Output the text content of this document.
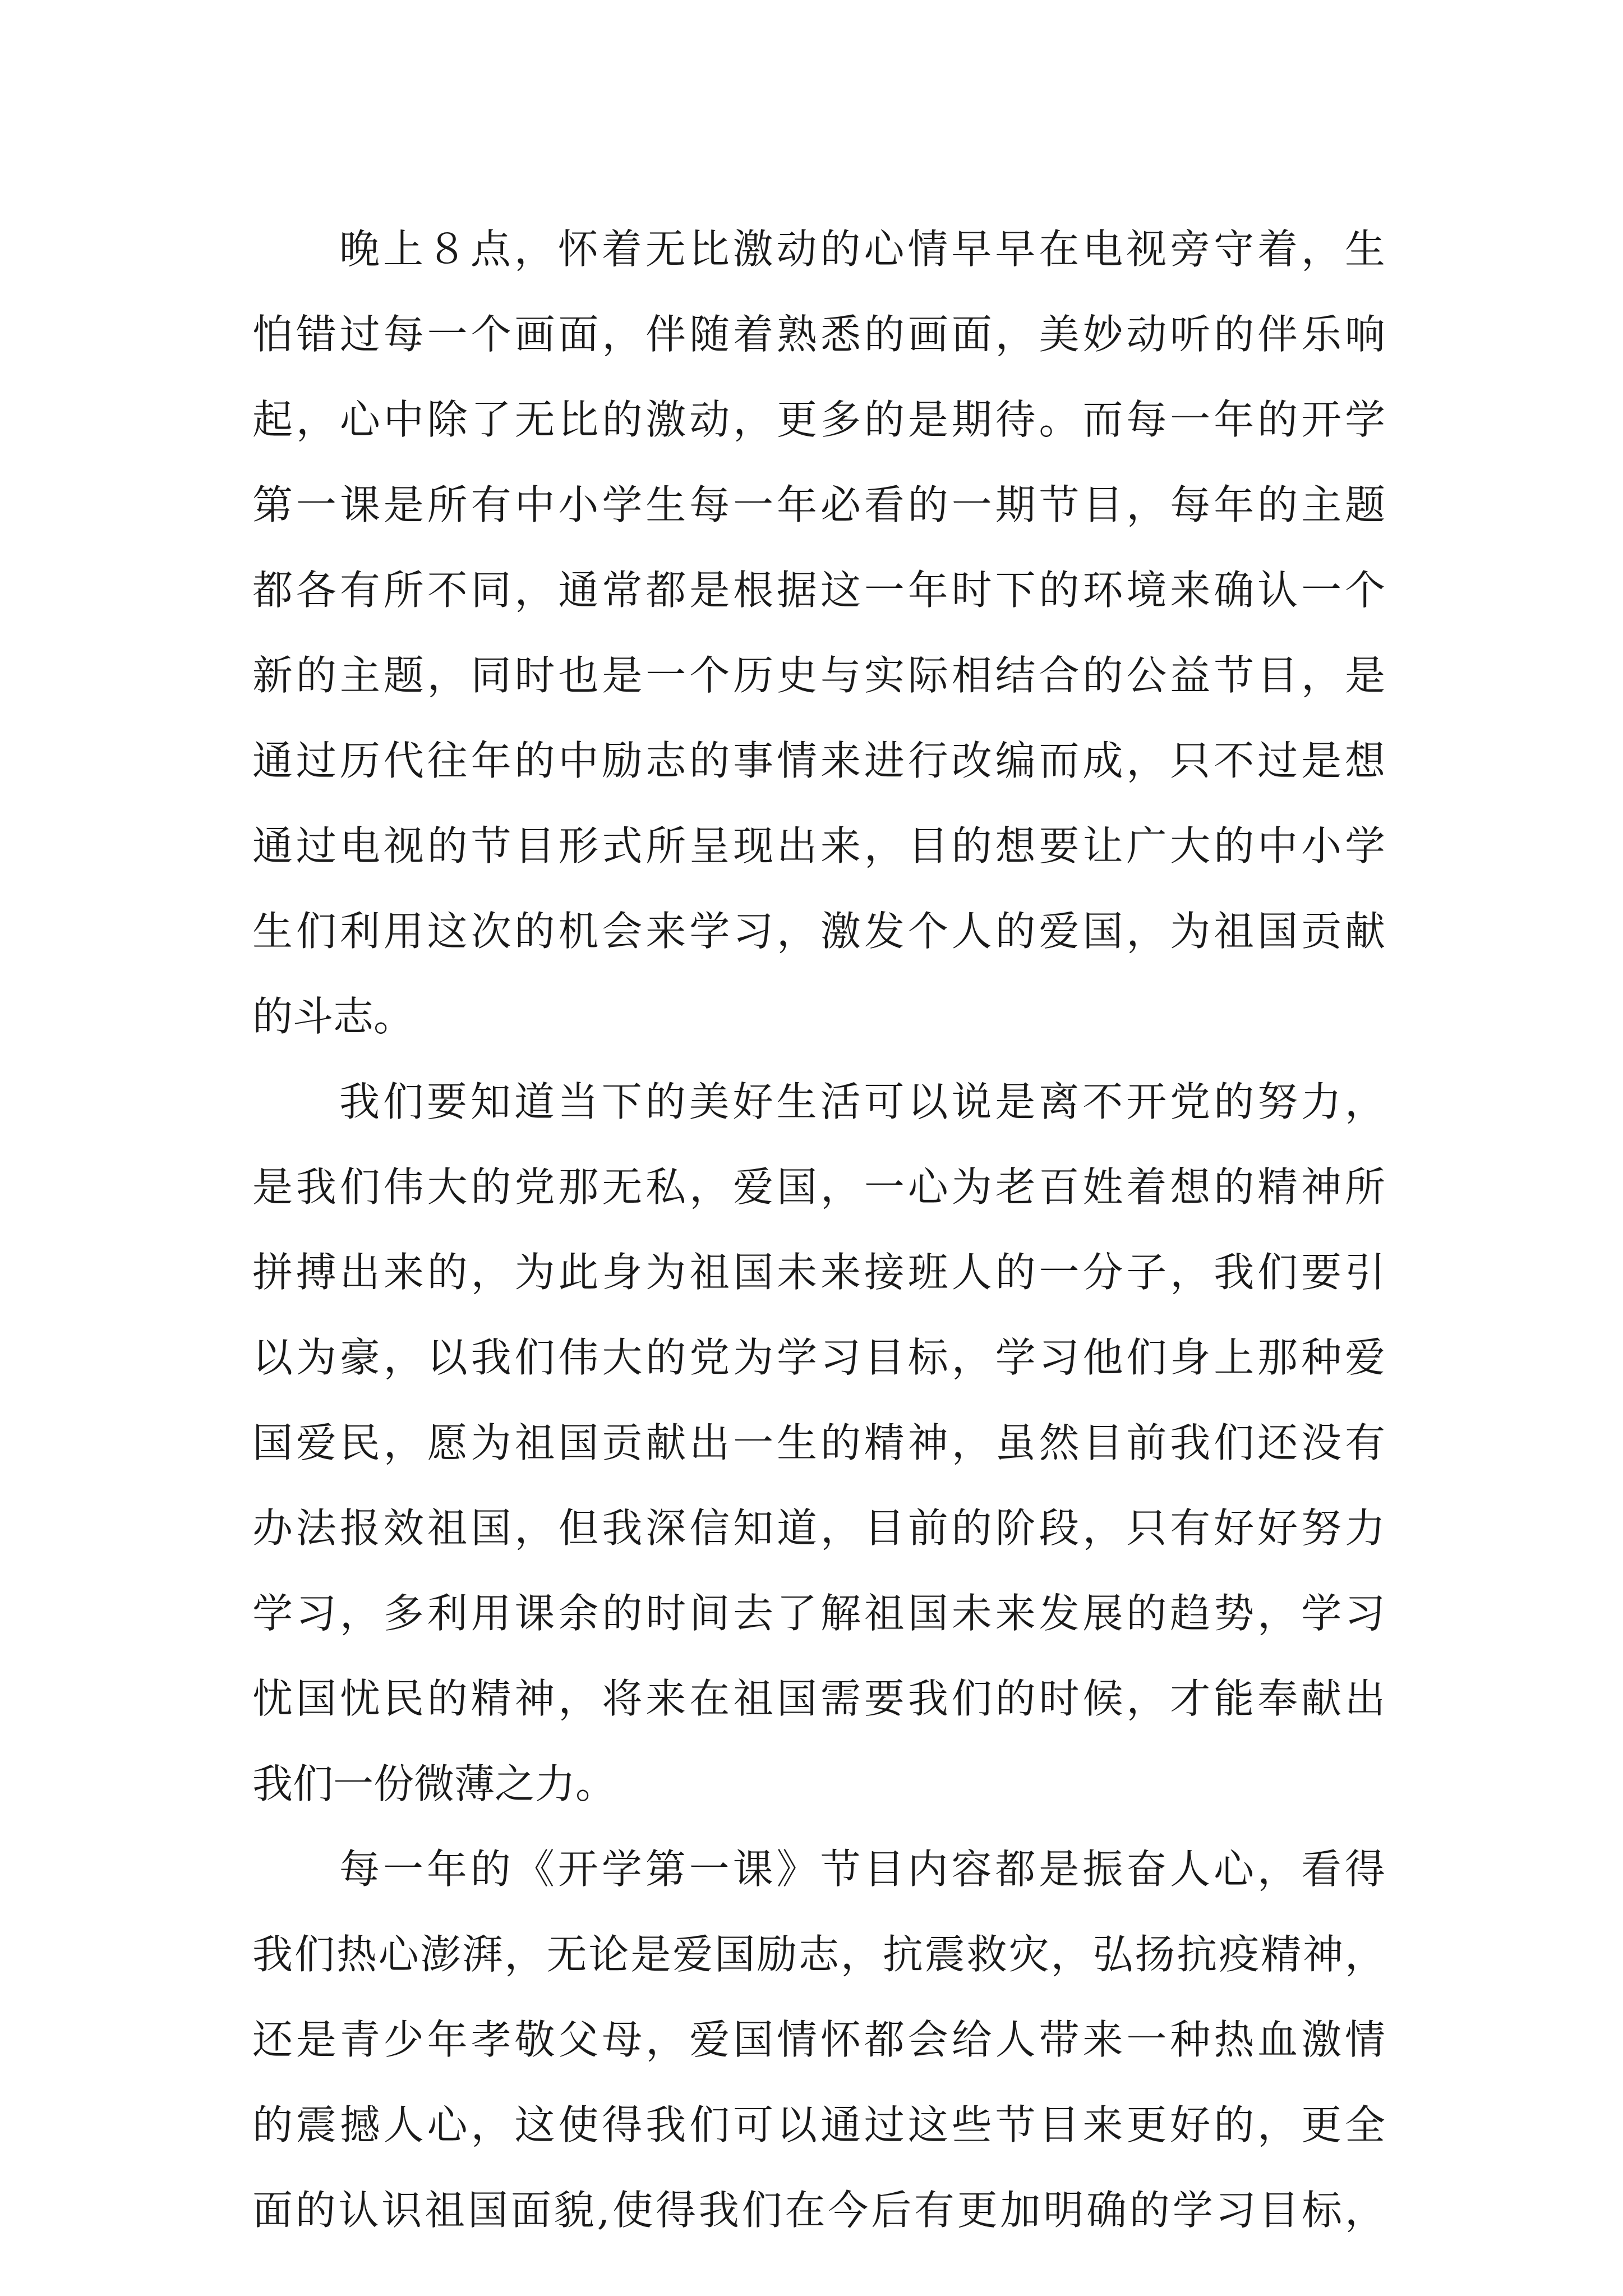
晚上８点，怀着无比激动的心情早早在电视旁守着，生
怕错过每一个画面，伴随着熟悉的画面，美妙动听的伴乐响
起，心中除了无比的激动，更多的是期待。而每一年的开学
第一课是所有中小学生每一年必看的一期节目，每年的主题
都各有所不同，通常都是根据这一年时下的环境来确认一个
新的主题，同时也是一个历史与实际相结合的公益节目，是
通过历代往年的中励志的事情来进行改编而成，只不过是想
通过电视的节目形式所呈现出来，目的想要让广大的中小学
生们利用这次的机会来学习，激发个人的爱国，为祖国贡献
的斗志。
我们要知道当下的美好生活可以说是离不开党的努力，
是我们伟大的党那无私，爱国，一心为老百姓着想的精神所
拼搏出来的，为此身为祖国未来接班人的一分子，我们要引
以为豪，以我们伟大的党为学习目标，学习他们身上那种爱
国爱民，愿为祖国贡献出一生的精神，虽然目前我们还没有
办法报效祖国，但我深信知道，目前的阶段，只有好好努力
学习，多利用课余的时间去了解祖国未来发展的趋势，学习
忧国忧民的精神，将来在祖国需要我们的时候，才能奉献出
我们一份微薄之力。
每一年的《开学第一课》节目内容都是振奋人心，看得
我们热心澎湃，无论是爱国励志，抗震救灾，弘扬抗疫精神，
还是青少年孝敬父母，爱国情怀都会给人带来一种热血激情
的震撼人心，这使得我们可以通过这些节目来更好的，更全
面的认识祖国面貌,使得我们在今后有更加明确的学习目标，
